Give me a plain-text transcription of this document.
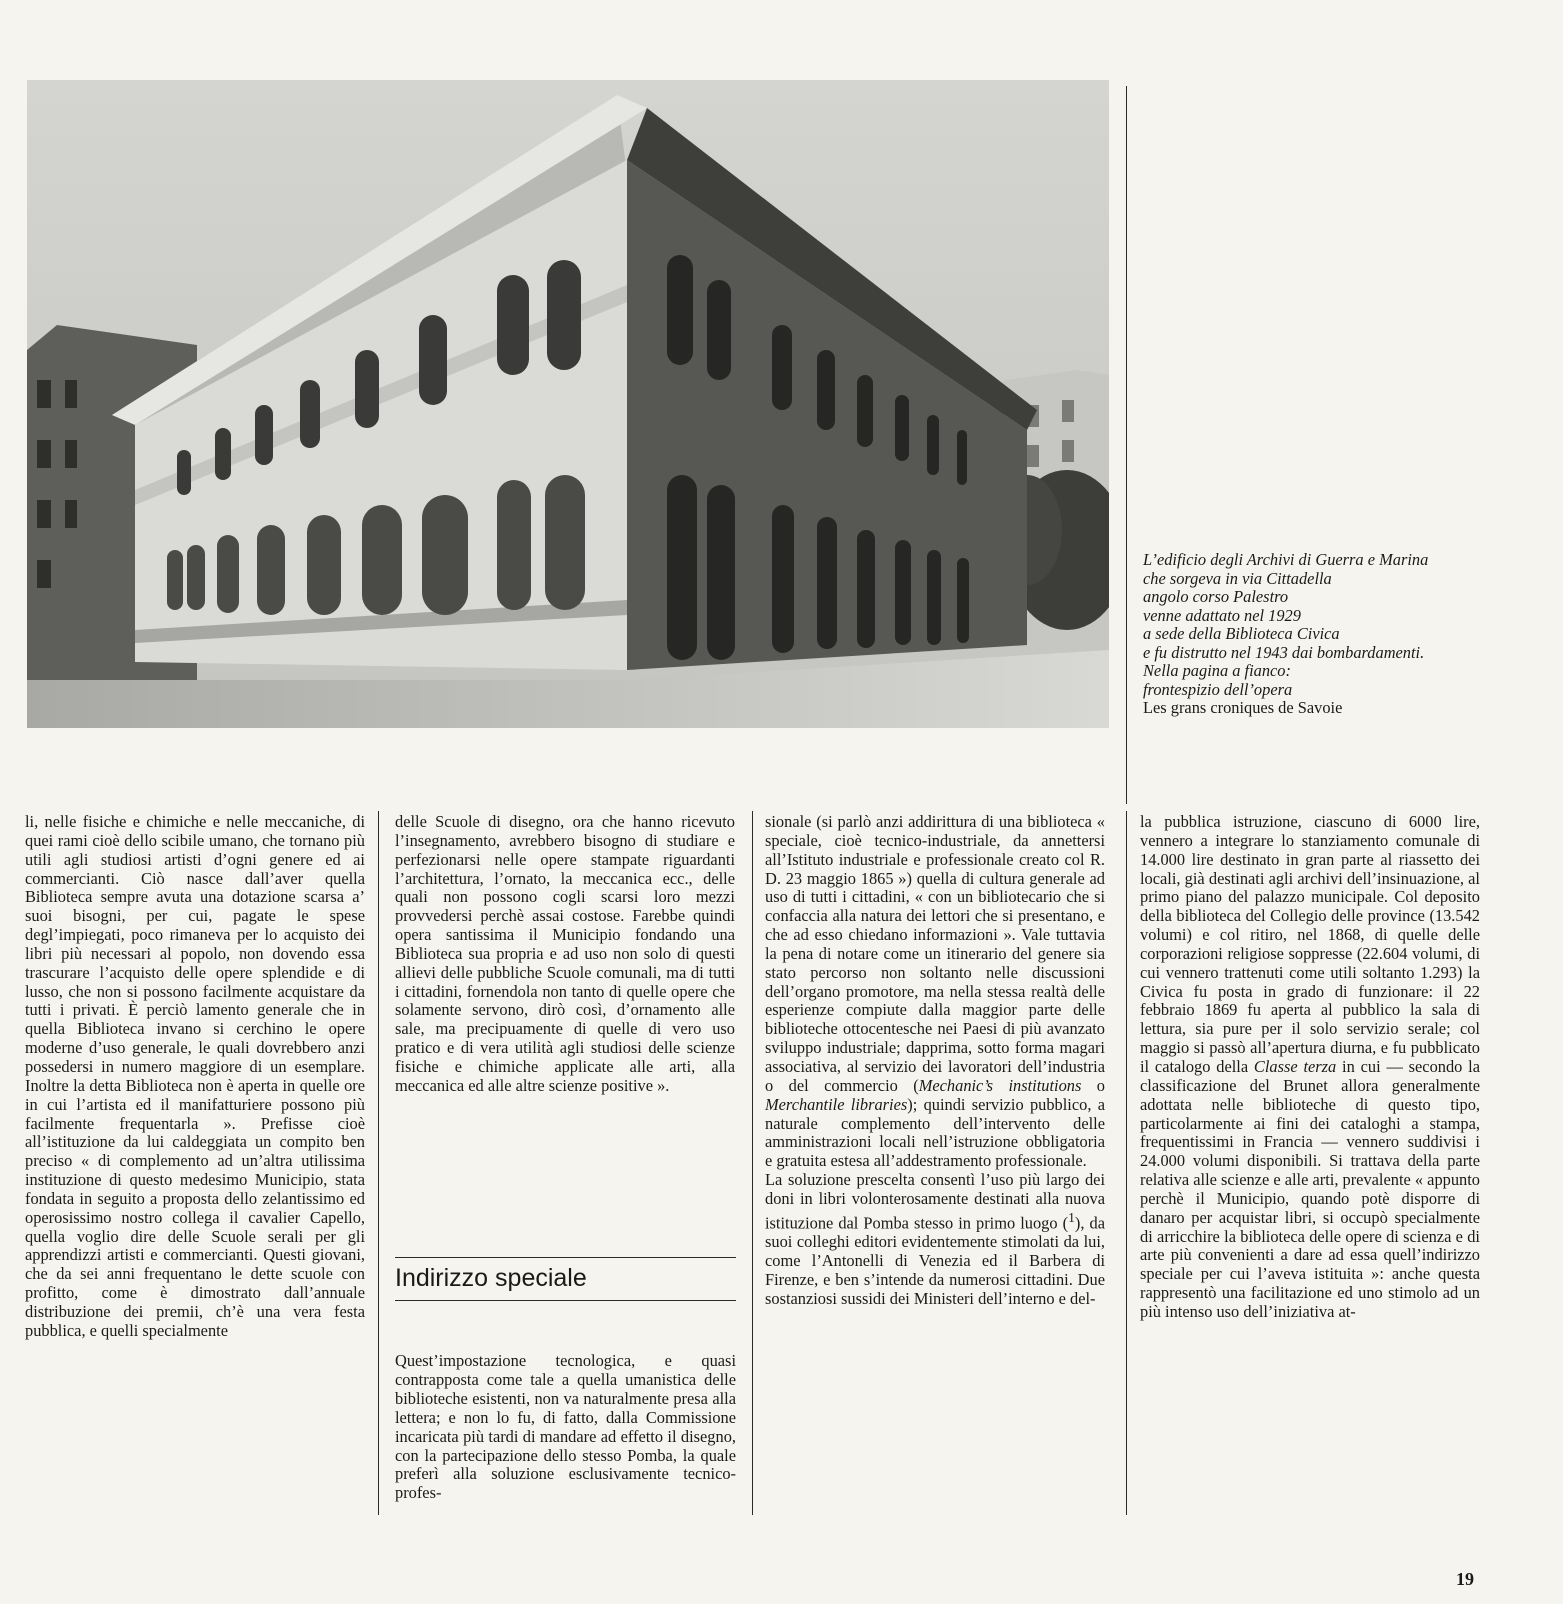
L’edificio degli Archivi di Guerra e Marina
che sorgeva in via Cittadella
angolo corso Palestro
venne adattato nel 1929
a sede della Biblioteca Civica
e fu distrutto nel 1943 dai bombardamenti.
Nella pagina a fianco:
frontespizio dell’opera
Les grans croniques de Savoie

li, nelle fisiche e chimiche e nelle meccaniche, di quei rami cioè dello scibile umano, che tornano più utili agli studiosi artisti d’ogni genere ed ai commercianti. Ciò nasce dall’aver quella Biblioteca sempre avuta una dotazione scarsa a’ suoi bisogni, per cui, pagate le spese degl’impiegati, poco rimaneva per lo acquisto dei libri più necessari al popolo, non dovendo essa trascurare l’acquisto delle opere splendide e di lusso, che non si possono facilmente acquistare da tutti i privati. È perciò lamento generale che in quella Biblioteca invano si cerchino le opere moderne d’uso generale, le quali dovrebbero anzi possedersi in numero maggiore di un esemplare. Inoltre la detta Biblioteca non è aperta in quelle ore in cui l’artista ed il manifatturiere possono più facilmente frequentarla ». Prefisse cioè all’istituzione da lui caldeggiata un compito ben preciso « di complemento ad un’altra utilissima instituzione di questo medesimo Municipio, stata fondata in seguito a proposta dello zelantissimo ed operosissimo nostro collega il cavalier Capello, quella voglio dire delle Scuole serali per gli apprendizzi artisti e commercianti. Questi giovani, che da sei anni frequentano le dette scuole con profitto, come è dimostrato dall’annuale distribuzione dei premii, ch’è una vera festa pubblica, e quelli specialmente

delle Scuole di disegno, ora che hanno ricevuto l’insegnamento, avrebbero bisogno di studiare e perfezionarsi nelle opere stampate riguardanti l’architettura, l’ornato, la meccanica ecc., delle quali non possono cogli scarsi loro mezzi provvedersi perchè assai costose. Farebbe quindi opera santissima il Municipio fondando una Biblioteca sua propria e ad uso non solo di questi allievi delle pubbliche Scuole comunali, ma di tutti i cittadini, fornendola non tanto di quelle opere che solamente servono, dirò così, d’ornamento alle sale, ma precipuamente di quelle di vero uso pratico e di vera utilità agli studiosi delle scienze fisiche e chimiche applicate alle arti, alla meccanica ed alle altre scienze positive ».

Indirizzo speciale

Quest’impostazione tecnologica, e quasi contrapposta come tale a quella umanistica delle biblioteche esistenti, non va naturalmente presa alla lettera; e non lo fu, di fatto, dalla Commissione incaricata più tardi di mandare ad effetto il disegno, con la partecipazione dello stesso Pomba, la quale preferì alla soluzione esclusivamente tecnico-profes-

sionale (si parlò anzi addirittura di una biblioteca « speciale, cioè tecnico-industriale, da annettersi all’Istituto industriale e professionale creato col R. D. 23 maggio 1865 ») quella di cultura generale ad uso di tutti i cittadini, « con un bibliotecario che si confaccia alla natura dei lettori che si presentano, e che ad esso chiedano informazioni ». Vale tuttavia la pena di notare come un itinerario del genere sia stato percorso non soltanto nelle discussioni dell’organo promotore, ma nella stessa realtà delle esperienze compiute dalla maggior parte delle biblioteche ottocentesche nei Paesi di più avanzato sviluppo industriale; dapprima, sotto forma magari associativa, al servizio dei lavoratori dell’industria o del commercio (Mechanic’s institutions o Merchantile libraries); quindi servizio pubblico, a naturale complemento dell’intervento delle amministrazioni locali nell’istruzione obbligatoria e gratuita estesa all’addestramento professionale.

La soluzione prescelta consentì l’uso più largo dei doni in libri volonterosamente destinati alla nuova istituzione dal Pomba stesso in primo luogo ($^1$), da suoi colleghi editori evidentemente stimolati da lui, come l’Antonelli di Venezia ed il Barbera di Firenze, e ben s’intende da numerosi cittadini. Due sostanziosi sussidi dei Ministeri dell’interno e del-

la pubblica istruzione, ciascuno di 6000 lire, vennero a integrare lo stanziamento comunale di 14.000 lire destinato in gran parte al riassetto dei locali, già destinati agli archivi dell’insinuazione, al primo piano del palazzo municipale. Col deposito della biblioteca del Collegio delle province (13.542 volumi) e col ritiro, nel 1868, di quelle delle corporazioni religiose soppresse (22.604 volumi, di cui vennero trattenuti come utili soltanto 1.293) la Civica fu posta in grado di funzionare: il 22 febbraio 1869 fu aperta al pubblico la sala di lettura, sia pure per il solo servizio serale; col maggio si passò all’apertura diurna, e fu pubblicato il catalogo della Classe terza in cui — secondo la classificazione del Brunet allora generalmente adottata nelle biblioteche di questo tipo, particolarmente ai fini dei cataloghi a stampa, frequentissimi in Francia — vennero suddivisi i 24.000 volumi disponibili. Si trattava della parte relativa alle scienze e alle arti, prevalente « appunto perchè il Municipio, quando potè disporre di danaro per acquistar libri, si occupò specialmente di arricchire la biblioteca delle opere di scienza e di arte più convenienti a dare ad essa quell’indirizzo speciale per cui l’aveva istituita »: anche questa rappresentò una facilitazione ed uno stimolo ad un più intenso uso dell’iniziativa at-

19
